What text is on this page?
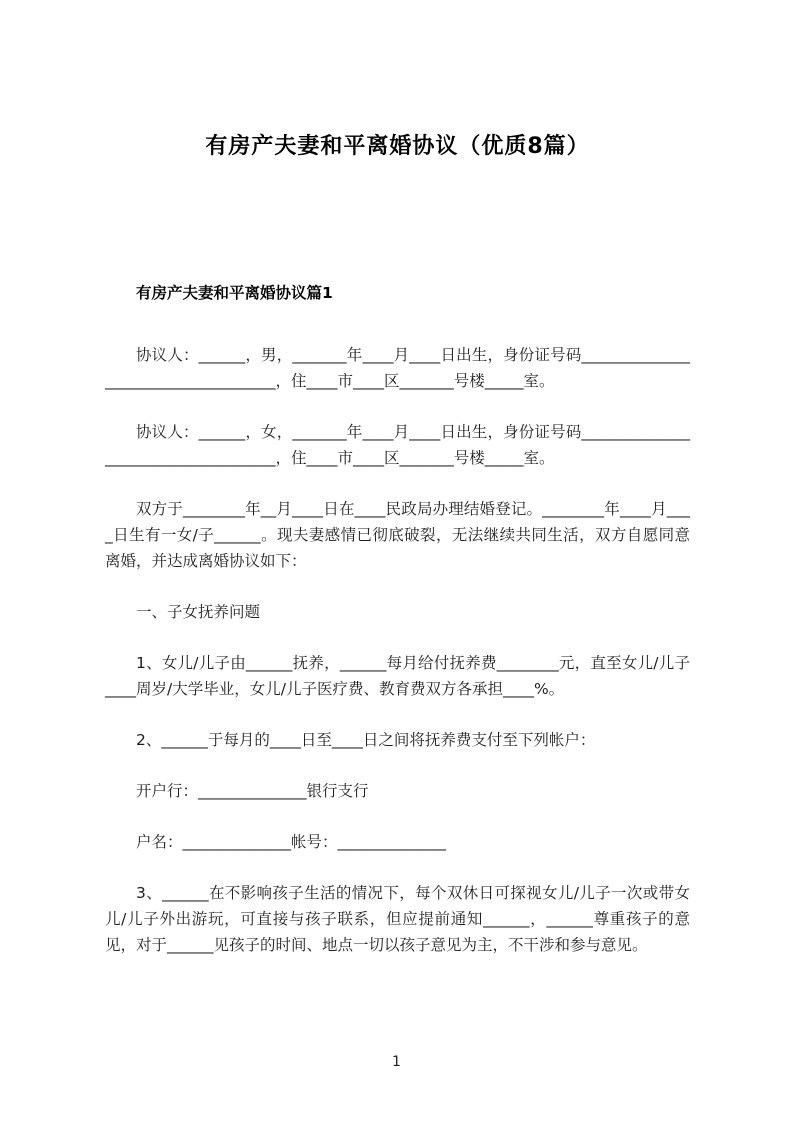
有房产夫妻和平离婚协议（优质8篇）

有房产夫妻和平离婚协议篇1

协议人：______，男，_______年____月____日出生，身份证号码____________________________________，住____市____区_______号楼_____室。

协议人：______，女，_______年____月____日出生，身份证号码____________________________________，住____市____区_______号楼_____室。

双方于________年__月____日在____民政局办理结婚登记。________年____月____日生有一女/子______。现夫妻感情已彻底破裂，无法继续共同生活，双方自愿同意离婚，并达成离婚协议如下：

一、子女抚养问题

1、女儿/儿子由______抚养，______每月给付抚养费________元，直至女儿/儿子____周岁/大学毕业，女儿/儿子医疗费、教育费双方各承担____%。

2、______于每月的____日至____日之间将抚养费支付至下列帐户：

开户行：______________银行支行

户名：______________帐号：______________

3、______在不影响孩子生活的情况下，每个双休日可探视女儿/儿子一次或带女儿/儿子外出游玩，可直接与孩子联系，但应提前通知______，______尊重孩子的意见，对于______见孩子的时间、地点一切以孩子意见为主，不干涉和参与意见。

1
